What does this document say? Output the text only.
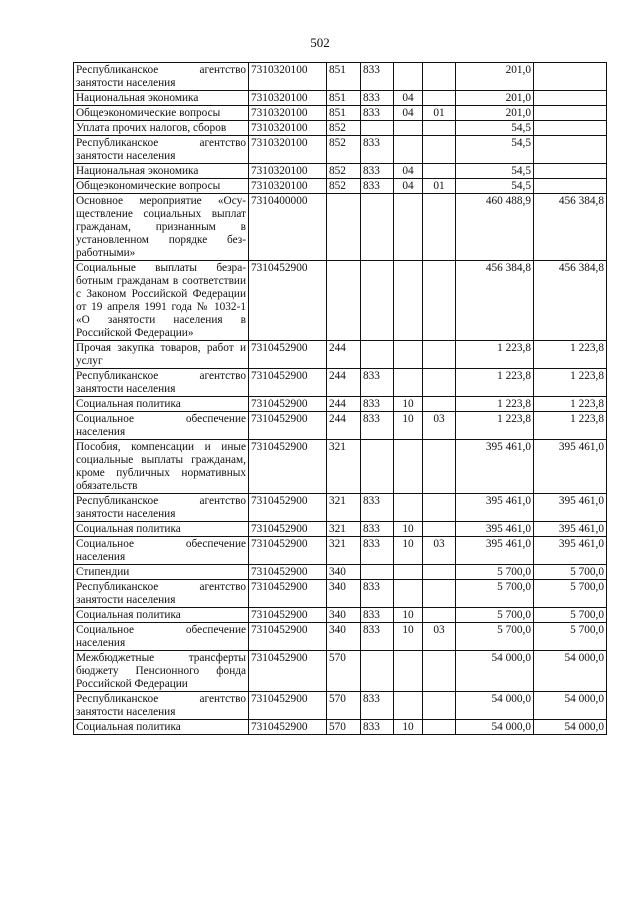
502
Республиканское агентство занятости населения	7310320100	851	833			201,0	
Национальная экономика	7310320100	851	833	04		201,0	
Общеэкономические вопросы	7310320100	851	833	04	01	201,0	
Уплата прочих налогов, сборов	7310320100	852				54,5	
Республиканское агентство занятости населения	7310320100	852	833			54,5	
Национальная экономика	7310320100	852	833	04		54,5	
Общеэкономические вопросы	7310320100	852	833	04	01	54,5	
Основное мероприятие «Осуществление социальных выплат гражданам, признанным в установленном порядке безработными»	7310400000					460 488,9	456 384,8
Социальные выплаты безработным гражданам в соответствии с Законом Российской Федерации от 19 апреля 1991 года № 1032-1 «О занятости населения в Российской Федерации»	7310452900					456 384,8	456 384,8
Прочая закупка товаров, работ и услуг	7310452900	244				1 223,8	1 223,8
Республиканское агентство занятости населения	7310452900	244	833			1 223,8	1 223,8
Социальная политика	7310452900	244	833	10		1 223,8	1 223,8
Социальное обеспечение населения	7310452900	244	833	10	03	1 223,8	1 223,8
Пособия, компенсации и иные социальные выплаты гражданам, кроме публичных нормативных обязательств	7310452900	321				395 461,0	395 461,0
Республиканское агентство занятости населения	7310452900	321	833			395 461,0	395 461,0
Социальная политика	7310452900	321	833	10		395 461,0	395 461,0
Социальное обеспечение населения	7310452900	321	833	10	03	395 461,0	395 461,0
Стипендии	7310452900	340				5 700,0	5 700,0
Республиканское агентство занятости населения	7310452900	340	833			5 700,0	5 700,0
Социальная политика	7310452900	340	833	10		5 700,0	5 700,0
Социальное обеспечение населения	7310452900	340	833	10	03	5 700,0	5 700,0
Межбюджетные трансферты бюджету Пенсионного фонда Российской Федерации	7310452900	570				54 000,0	54 000,0
Республиканское агентство занятости населения	7310452900	570	833			54 000,0	54 000,0
Социальная политика	7310452900	570	833	10		54 000,0	54 000,0
